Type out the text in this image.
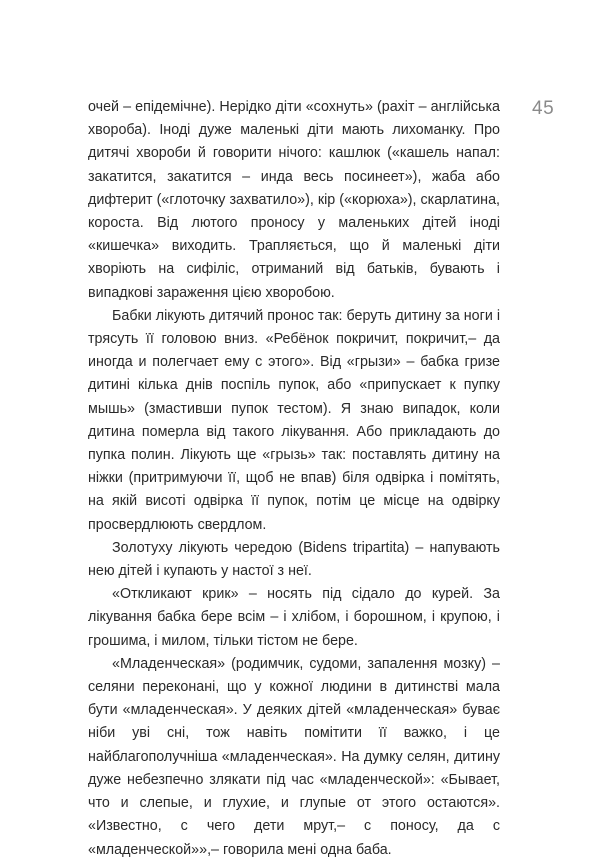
45

очей – епідемічне). Нерідко діти «сохнуть» (рахіт – англійська хвороба). Іноді дуже маленькі діти мають лихоманку. Про дитячі хвороби й говорити нічого: кашлюк («кашель напал: закатится, закатится – инда весь посинеет»), жаба або дифтерит («глоточку захватило»), кір («корюха»), скарлатина, короста. Від лютого проносу у маленьких дітей іноді «кишечка» виходить. Трапляється, що й маленькі діти хворіють на сифіліс, отриманий від батьків, бувають і випадкові зараження цією хворобою.

Бабки лікують дитячий пронос так: беруть дитину за ноги і трясуть її головою вниз. «Ребёнок покричит, покричит,– да иногда и полегчает ему с этого». Від «грызи» – бабка гризе дитині кілька днів поспіль пупок, або «припускает к пупку мышь» (змастивши пупок тестом). Я знаю випадок, коли дитина померла від такого лікування. Або прикладають до пупка полин. Лікують ще «грызь» так: поставлять дитину на ніжки (притримуючи її, щоб не впав) біля одвірка і помітять, на якій висоті одвірка її пупок, потім це місце на одвірку просвердлюють свердлом.

Золотуху лікують чередою (Bidens tripartita) – напувають нею дітей і купають у настої з неї.

«Откликают крик» – носять під сідало до курей. За лікування бабка бере всім – і хлібом, і борошном, і крупою, і грошима, і милом, тільки тістом не бере.

«Младенческая» (родимчик, судоми, запалення мозку) – селяни переконані, що у кожної людини в дитинстві мала бути «младенческая». У деяких дітей «младенческая» буває ніби уві сні, тож навіть помітити її важко, і це найблагополучніша «младенческая». На думку селян, дитину дуже небезпечно злякати під час «младенческой»: «Бывает, что и слепые, и глухие, и глупые от этого остаются». «Известно, с чего дети мрут,– с поносу, да с «младенческой»»,– говорила мені одна баба.
